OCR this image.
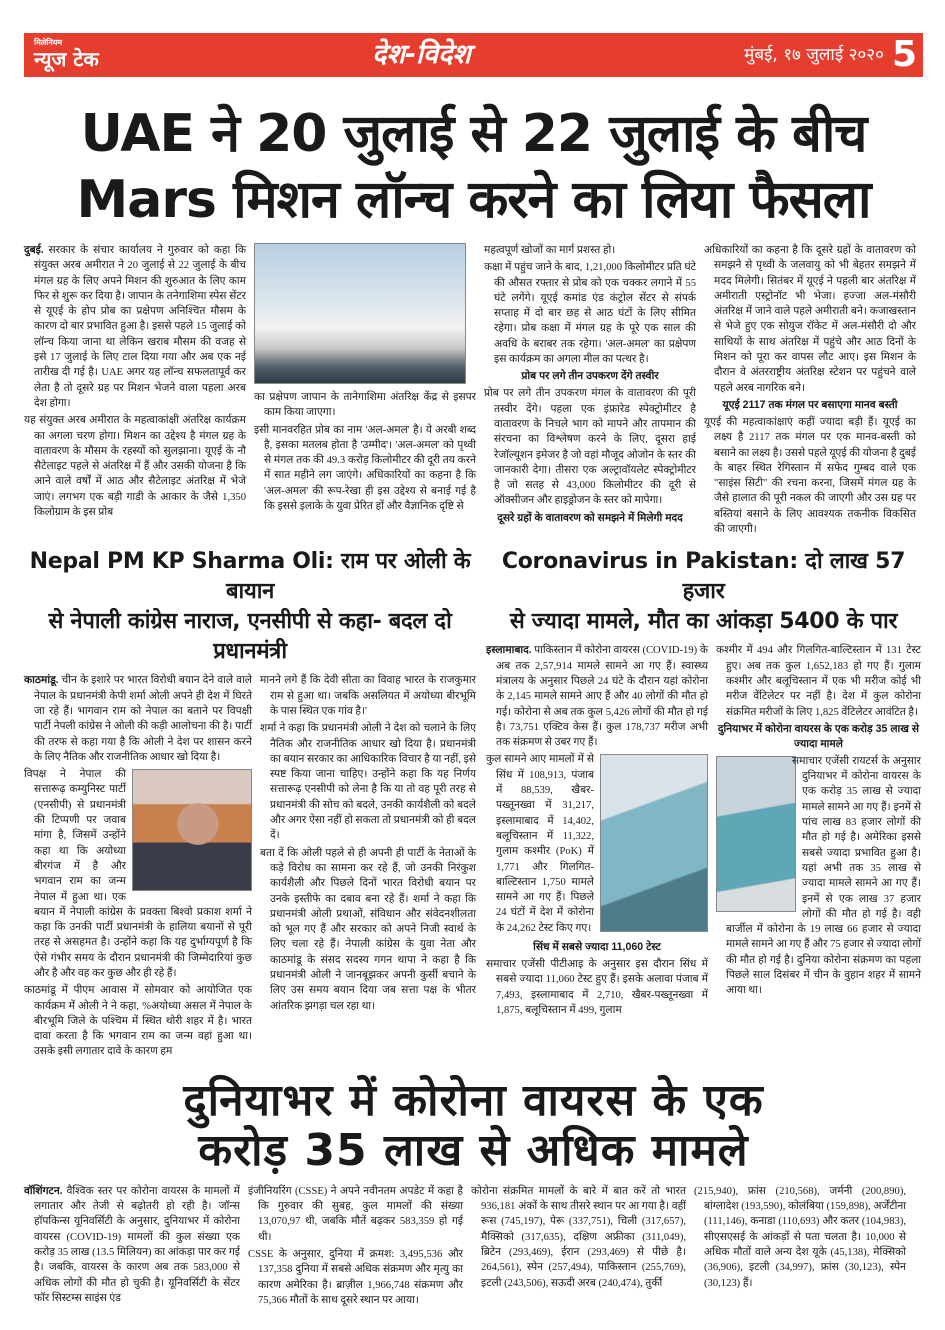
मिलेनियम
न्यूज टेक	देश-विदेश	मुंबई, १७ जुलाई २०२० 5
UAE ने 20 जुलाई से 22 जुलाई के बीच
Mars मिशन लॉन्च करने का लिया फैसला

दुबई. सरकार के संचार कार्यालय ने गुरुवार को कहा कि संयुक्त अरब अमीरात ने 20 जुलाई से 22 जुलाई के बीच मंगल ग्रह के लिए अपने मिशन की शुरुआत के लिए काम फिर से शुरू कर दिया है। जापान के तनेगाशिमा स्पेस सेंटर से यूएई के होप प्रोब का प्रक्षेपण अनिश्चित मौसम के कारण दो बार प्रभावित हुआ है। इससे पहले 15 जुलाई को लॉन्च किया जाना था लेकिन खराब मौसम की वजह से इसे 17 जुलाई के लिए टाल दिया गया और अब एक नई तारीख दी गई है। UAE अगर यह लॉन्च सफलतापूर्व कर लेता है तो दूसरे ग्रह पर मिशन भेजने वाला पहला अरब देश होगा।

यह संयुक्त अरब अमीरात के महत्वाकांक्षी अंतरिक्ष कार्यक्रम का अगला चरण होगा। मिशन का उद्देश्य है मंगल ग्रह के वातावरण के मौसम के रहस्यों को सुलझाना। यूएई के नौ सैटेलाइट पहले से अंतरिक्ष में हैं और उसकी योजना है कि आने वाले वर्षों में आठ और सैटेलाइट अंतरिक्ष में भेजे जाएं। लगभग एक बड़ी गाडी के आकार के जैसे 1,350 किलोग्राम के इस प्रोब

का प्रक्षेपण जापान के तानेगाशिमा अंतरिक्ष केंद्र से इसपर काम किया जाएगा।

इसी मानवरहित प्रोब का नाम 'अल-अमल' है। ये अरबी शब्द है, इसका मतलब होता है 'उम्मीद'। 'अल-अमल' को पृथ्वी से मंगल तक की 49.3 करोड़ किलोमीटर की दूरी तय करने में सात महीने लग जाएंगे। अधिकारियों का कहना है कि 'अल-अमल' की रूप-रेखा ही इस उद्देश्य से बनाई गई है कि इससे इलाके के युवा प्रेरित हों और वैज्ञानिक दृष्टि से

महत्वपूर्ण खोजों का मार्ग प्रशस्त हो।

कक्षा में पहुंच जाने के बाद, 1,21,000 किलोमीटर प्रति घंटे की औसत रफ्तार से प्रोब को एक चक्कर लगाने में 55 घंटे लगेंगे। यूएई कमांड एंड कंट्रोल सेंटर से संपर्क सप्ताह में दो बार छह से आठ घंटों के लिए सीमित रहेगा। प्रोब कक्षा में मंगल ग्रह के पूरे एक साल की अवधि के बराबर तक रहेगा। 'अल-अमल' का प्रक्षेपण इस कार्यक्रम का अगला मील का पत्थर है।

प्रोब पर लगे तीन उपकरण देंगे तस्वीर

प्रोब पर लगे तीन उपकरण मंगल के वातावरण की पूरी तस्वीर देंगे। पहला एक इंफ्रारेड स्पेक्ट्रोमीटर है वातावरण के निचले भाग को मापने और तापमान की संरचना का विश्लेषण करने के लिए, दूसरा हाई रेजॉल्यूशन इमेजर है जो वहां मौजूद ओजोन के स्तर की जानकारी देगा। तीसरा एक अल्ट्रावॉयलेट स्पेक्ट्रोमीटर है जो सतह से 43,000 किलोमीटर की दूरी से ऑक्सीजन और हाइड्रोजन के स्तर को मापेगा।

दूसरे ग्रहों के वातावरण को समझने में मिलेगी मदद

अधिकारियों का कहना है कि दूसरे ग्रहों के वातावरण को समझने से पृथ्वी के जलवायु को भी बेहतर समझने में मदद मिलेगी। सितंबर में यूएई ने पहली बार अंतरिक्ष में अमीराती एस्ट्रोनॉट भी भेजा। हज्जा अल-मंसौरी अंतरिक्ष में जाने वाले पहले अमीराती बने। कजाखस्तान से भेजे हुए एक सोयुज रॉकेट में अल-मंसौरी दो और साथियों के साथ अंतरिक्ष में पहुंचे और आठ दिनों के मिशन को पूरा कर वापस लौट आए। इस मिशन के दौरान वे अंतरराष्ट्रीय अंतरिक्ष स्टेशन पर पहुंचने वाले पहले अरब नागरिक बने।

यूएई 2117 तक मंगल पर बसाएगा मानव बस्ती

यूएई की महत्वाकांक्षाएं कहीं ज्यादा बड़ी हैं। यूएई का लक्ष्य है 2117 तक मंगल पर एक मानव-बस्ती को बसाने का लक्ष्य है। उससे पहले यूएई की योजना है दुबई के बाहर स्थित रेगिस्तान में सफेद गुम्बद वाले एक "साइंस सिटी" की रचना करना, जिसमें मंगल ग्रह के जैसे हालात की पूरी नकल की जाएगी और उस ग्रह पर बस्तियां बसाने के लिए आवश्यक तकनीक विकसित की जाएगी।

Nepal PM KP Sharma Oli: राम पर ओली के बायान
से नेपाली कांग्रेस नाराज, एनसीपी से कहा- बदल दो प्रधानमंत्री

काठमांडू. चीन के इशारे पर भारत विरोधी बयान देने वाले वाले नेपाल के प्रधानमंत्री केपी शर्मा ओली अपने ही देश में घिरते जा रहे हैं। भागवान राम को नेपाल का बताने पर विपक्षी पार्टी नेपली कांग्रेस ने ओली की कड़ी आलोचना की है। पार्टी की तरफ से कहा गया है कि ओली ने देश पर शासन करने के लिए नैतिक और राजनीतिक आधार खो दिया है।

विपक्ष ने नेपाल की सत्तारूढ़ कम्युनिस्ट पार्टी (एनसीपी) से प्रधानमंत्री की टिप्पणी पर जवाब मांगा है, जिसमें उन्होंने कहा था कि अयोध्या बीरगंज में है और भगवान राम का जन्म नेपाल में हुआ था। एक बयान में नेपाली कांग्रेस के प्रवक्ता बिश्वो प्रकाश शर्मा ने कहा कि उनकी पार्टी प्रधानमंत्री के हालिया बयानों से पूरी तरह से असहमत है। उन्होंने कहा कि यह दुर्भाग्यपूर्ण है कि ऐसे गंभीर समय के दौरान प्रधानमंत्री की जिम्मेदारियां कुछ और है और वह कर कुछ और ही रहे हैं।

काठमांडू में पीएम आवास में सोमवार को आयोजित एक कार्यक्रम में ओली ने ने कहा, %अयोध्या असल में नेपाल के बीरभूमि जिले के पश्चिम में स्थित थोरी शहर में है। भारत दावा करता है कि भगवान राम का जन्म वहां हुआ था। उसके इसी लगातार दावे के कारण हम

मानने लगे हैं कि देवी सीता का विवाह भारत के राजकुमार राम से हुआ था। जबकि असलियत में अयोध्या बीरभूमि के पास स्थित एक गांव है।'

शर्मा ने कहा कि प्रधानमंत्री ओली ने देश को चलाने के लिए नैतिक और राजनीतिक आधार खो दिया है। प्रधानमंत्री का बयान सरकार का आधिकारिक विचार है या नहीं, इसे स्पष्ट किया जाना चाहिए। उन्होंने कहा कि यह निर्णय सत्तारूढ़ एनसीपी को लेना है कि या तो वह पूरी तरह से प्रधानमंत्री की सोच को बदले, उनकी कार्यशैली को बदले और अगर ऐसा नहीं हो सकता तो प्रधानमंत्री को ही बदल दें।

बता दें कि ओली पहले से ही अपनी ही पार्टी के नेताओं के कड़े विरोध का सामना कर रहे हैं, जो उनकी निरंकुश कार्यशैली और पिछले दिनों भारत विरोधी बयान पर उनके इस्तीफे का दबाव बना रहे हैं। शर्मा ने कहा कि प्रधानमंत्री ओली प्रथाओं, संविधान और संवेदनशीलता को भूल गए हैं और सरकार को अपने निजी स्वार्थ के लिए चला रहे हैं। नेपाली कांग्रेस के युवा नेता और काठमांडू के संसद सदस्य गगन थापा ने कहा है कि प्रधानमंत्री ओली ने जानबूझकर अपनी कुर्सी बचाने के लिए उस समय बयान दिया जब सत्ता पक्ष के भीतर आंतरिक झगड़ा चल रहा था।

Coronavirus in Pakistan: दो लाख 57 हजार
से ज्यादा मामले, मौत का आंकड़ा 5400 के पार

इस्लामाबाद. पाकिस्तान में कोरोना वायरस (COVID-19) के अब तक 2,57,914 मामले सामने आ गए हैं। स्वास्थ्य मंत्रालय के अनुसार पिछले 24 घंटे के दौरान यहां कोरोना के 2,145 मामले सामने आए हैं और 40 लोगों की मौत हो गई। कोरोना से अब तक कुल 5,426 लोगों की मौत हो गई है। 73,751 एक्टिव केस हैं। कुल 178,737 मरीज अभी तक संक्रमण से उबर गए हैं।

कुल सामने आए मामलों में से सिंध में 108,913, पंजाब में 88,539, खैबर-पख्तूनख्वा में 31,217, इस्लामाबाद में 14,402, बलूचिस्तान में 11,322, गुलाम कश्मीर (PoK) में 1,771 और गिलगित-बाल्टिस्तान 1,750 मामले सामने आ गए हैं। पिछले 24 घंटों में देश में कोरोना के 24,262 टेस्ट किए गए।

सिंध में सबसे ज्यादा 11,060 टेस्ट

समाचार एजेंसी पीटीआइ के अनुसार इस दौरान सिंध में सबसे ज्यादा 11,060 टेस्ट हुए हैं। इसके अलावा पंजाब में 7,493, इस्लामाबाद में 2,710, खैबर-पख्तूनख्वा में 1,875, बलूचिस्तान में 499, गुलाम

कश्मीर में 494 और गिलगित-बाल्टिस्तान में 131 टेस्ट हुए। अब तक कुल 1,652,183 हो गए हैं। गुलाम कश्मीर और बलूचिस्तान में एक भी मरीज कोई भी मरीज वेंटिलेटर पर नहीं है। देश में कुल कोरोना संक्रमित मरीजों के लिए 1,825 वेंटिलेटर आवंटित है।

दुनियाभर में कोरोना वायरस के एक करोड़ 35 लाख से ज्यादा मामले

समाचार एजेंसी रायटर्स के अनुसार दुनियाभर में कोरोना वायरस के एक करोड़ 35 लाख से ज्यादा मामले सामने आ गए हैं। इनमें से पांच लाख 83 हजार लोगों की मौत हो गई है। अमेरिका इससे सबसे ज्यादा प्रभावित हुआ है। यहां अभी तक 35 लाख से ज्यादा मामले सामने आ गए हैं। इनमें से एक लाख 37 हजार लोगों की मौत हो गई है। वही बार्जील में कोरोना के 19 लाख 66 हजार से ज्यादा मामले सामने आ गए हैं और 75 हजार से ज्यादा लोगों की मौत हो गई है। दुनिया कोरोना संक्रमण का पहला पिछले साल दिसंबर में चीन के वुहान शहर में सामने आया था।

दुनियाभर में कोरोना वायरस के एक
करोड़ 35 लाख से अधिक मामले

वॉशिंगटन. वैश्विक स्तर पर कोरोना वायरस के मामलों में लगातार और तेजी से बढ़ोतरी हो रही है। जॉन्स हॉपकिन्स यूनिवर्सिटी के अनुसार, दुनियाभर में कोरोना वायरस (COVID-19) मामलों की कुल संख्या एक करोड़ 35 लाख (13.5 मिलियन) का आंकड़ा पार कर गई है। जबकि, वायरस के कारण अब तक 583,000 से अधिक लोगों की मौत हो चुकी है। यूनिवर्सिटी के सेंटर फॉर सिस्टम्स साइंस एंड

इंजीनियरिंग (CSSE) ने अपने नवीनतम अपडेट में कहा है कि गुरुवार की सुबह, कुल मामलों की संख्या 13,070,97 थी, जबकि मौतें बढ़कर 583,359 हो गई थी।

CSSE के अनुसार, दुनिया में क्रमश: 3,495,536 और 137,358 दुनिया में सबसे अधिक संक्रमण और मृत्यु का कारण अमेरिका है। ब्राज़ील 1,966,748 संक्रमण और 75,366 मौतों के साथ दूसरे स्थान पर आया।

कोरोना संक्रमित मामलों के बारे में बात करें तो भारत 936,181 अंकों के साथ तीसरे स्थान पर आ गया है। वहीं रूस (745,197), पेरू (337,751), चिली (317,657), मैक्सिको (317,635), दक्षिण अफ्रीका (311,049), ब्रिटेन (293,469), ईरान (293,469) से पीछे है। 264,561), स्पेन (257,494), पाकिस्तान (255,769), इटली (243,506), सऊदी अरब (240,474), तुर्की

(215,940), फ्रांस (210,568), जर्मनी (200,890), बांग्लादेश (193,590), कोलंबिया (159,898), अर्जेंटीना (111,146), कनाडा (110,693) और कतर (104,983), सीएसएसई के आंकड़ों से पता चलता है। 10,000 से अधिक मौतों वाले अन्य देश यूके (45,138), मेक्सिको (36,906), इटली (34,997), फ्रांस (30,123), स्पेन (30,123) हैं।
